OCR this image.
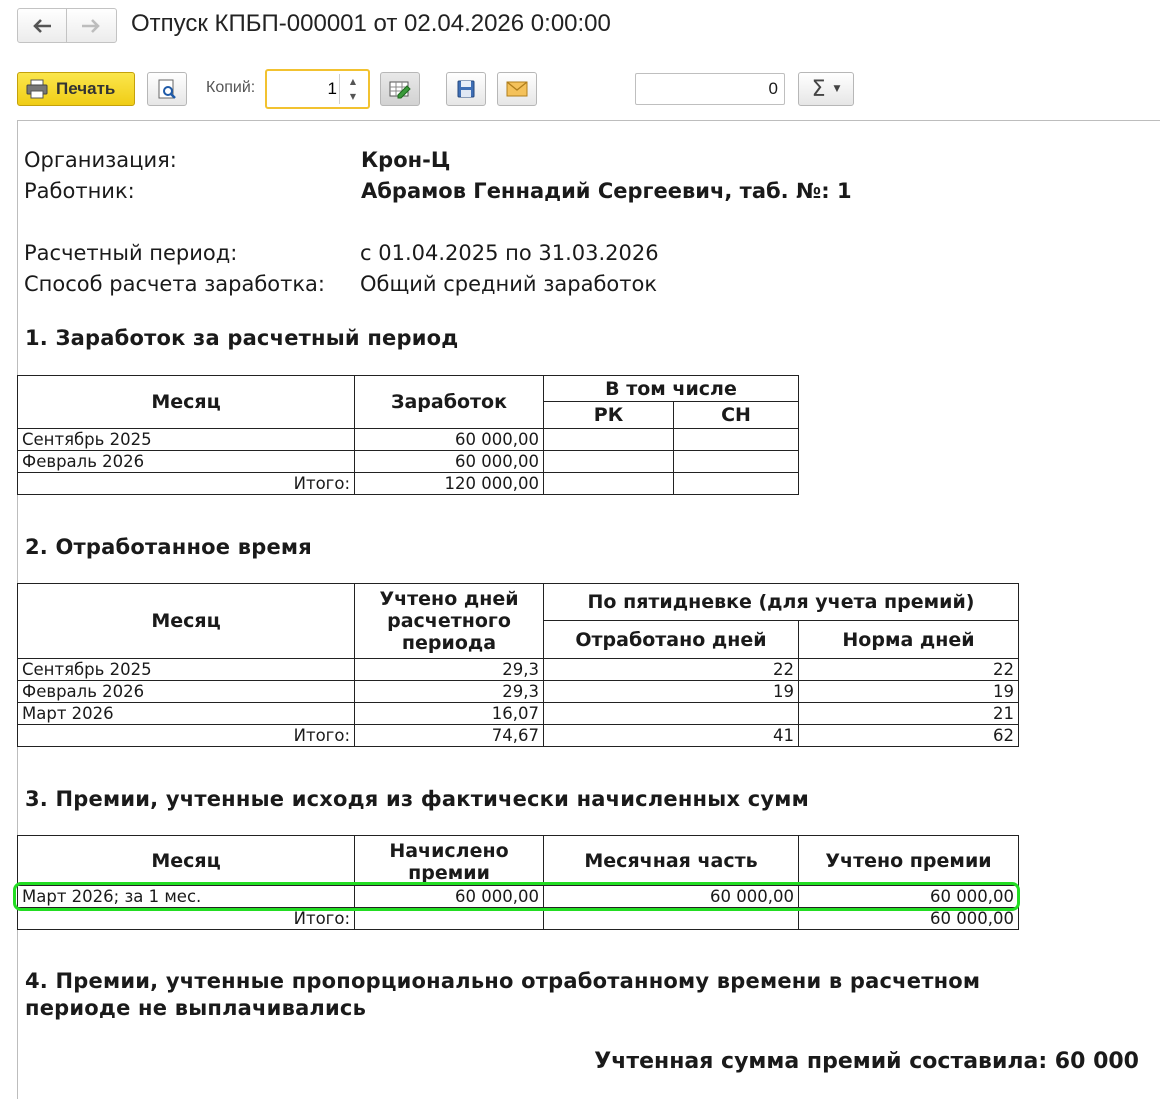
Отпуск КПБП-000001 от 02.04.2026 0:00:00
Печать	Копий:
1	▲
▼	0	Σ ▼
Организация:	Крон-Ц
Работник:	Абрамов Геннадий Сергеевич, таб. №: 1
Расчетный период:	с 01.04.2025 по 31.03.2026
Способ расчета заработка: Общий средний заработок
1. Заработок за расчетный период
Месяц	Заработок	В том числе	
		РК	СН
Сентябрь 2025	60 000,00		
Февраль 2026	60 000,00		
Итого:	120 000,00		
2. Отработанное время
Месяц	Учтено дней расчетного периода	По пятидневке (для учета премий)	
		Отработано дней	Норма дней
Сентябрь 2025	29,3	22	22
Февраль 2026	29,3	19	19
Март 2026	16,07		21
Итого:	74,67	41	62
3. Премии, учтенные исходя из фактически начисленных сумм
Месяц	Начислено премии	Месячная часть	Учтено премии
Март 2026; за 1 мес.	60 000,00	60 000,00	60 000,00
Итого:			60 000,00
4. Премии, учтенные пропорционально отработанному времени в расчетном периоде не выплачивались
Учтенная сумма премий составила: 60 000
